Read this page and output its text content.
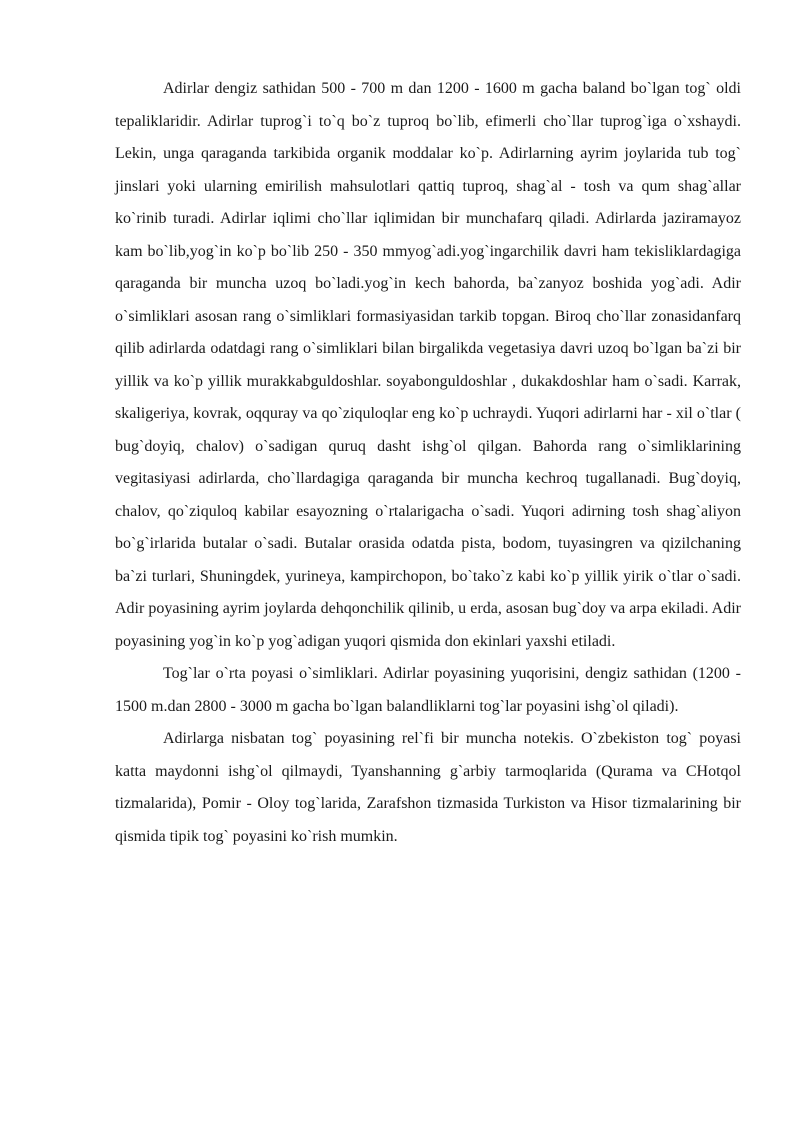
Adirlar dengiz sathidan 500 - 700 m dan 1200 - 1600 m gacha baland bo`lgan tog` oldi tepaliklaridir. Adirlar tuprog`i to`q bo`z tuproq bo`lib, efimerli cho`llar tuprog`iga o`xshaydi. Lekin, unga qaraganda tarkibida organik moddalar ko`p. Adirlarning ayrim joylarida tub tog` jinslari yoki ularning emirilish mahsulotlari qattiq tuproq, shag`al - tosh va qum shag`allar ko`rinib turadi. Adirlar iqlimi cho`llar iqlimidan bir munchafarq qiladi. Adirlarda jaziramayoz kam bo`lib,yog`in ko`p bo`lib 250 - 350 mmyog`adi.yog`ingarchilik davri ham tekisliklardagiga qaraganda bir muncha uzoq bo`ladi.yog`in kech bahorda, ba`zanyoz boshida yog`adi. Adir o`simliklari asosan rang o`simliklari formasiyasidan tarkib topgan. Biroq cho`llar zonasidanfarq qilib adirlarda odatdagi rang o`simliklari bilan birgalikda vegetasiya davri uzoq bo`lgan ba`zi bir yillik va ko`p yillik murakkabguldoshlar. soyabonguldoshlar , dukakdoshlar ham o`sadi. Karrak, skaligeriya, kovrak, oqquray va qo`ziquloqlar eng ko`p uchraydi. Yuqori adirlarni har - xil o`tlar ( bug`doyiq, chalov) o`sadigan quruq dasht ishg`ol qilgan. Bahorda rang o`simliklarining vegitasiyasi adirlarda, cho`llardagiga qaraganda bir muncha kechroq tugallanadi. Bug`doyiq, chalov, qo`ziquloq kabilar esayozning o`rtalarigacha o`sadi. Yuqori adirning tosh shag`aliyon bo`g`irlarida butalar o`sadi. Butalar orasida odatda pista, bodom, tuyasingren va qizilchaning ba`zi turlari, Shuningdek, yurineya, kampirchopon, bo`tako`z kabi ko`p yillik yirik o`tlar o`sadi. Adir poyasining ayrim joylarda dehqonchilik qilinib, u erda, asosan bug`doy va arpa ekiladi. Adir poyasining yog`in ko`p yog`adigan yuqori qismida don ekinlari yaxshi etiladi.

Tog`lar o`rta poyasi o`simliklari. Adirlar poyasining yuqorisini, dengiz sathidan (1200 - 1500 m.dan 2800 - 3000 m gacha bo`lgan balandliklarni tog`lar poyasini ishg`ol qiladi).

Adirlarga nisbatan tog` poyasining rel`fi bir muncha notekis. O`zbekiston tog` poyasi katta maydonni ishg`ol qilmaydi, Tyanshanning g`arbiy tarmoqlarida (Qurama va CHotqol tizmalarida), Pomir - Oloy tog`larida, Zarafshon tizmasida Turkiston va Hisor tizmalarining bir qismida tipik tog` poyasini ko`rish mumkin.
